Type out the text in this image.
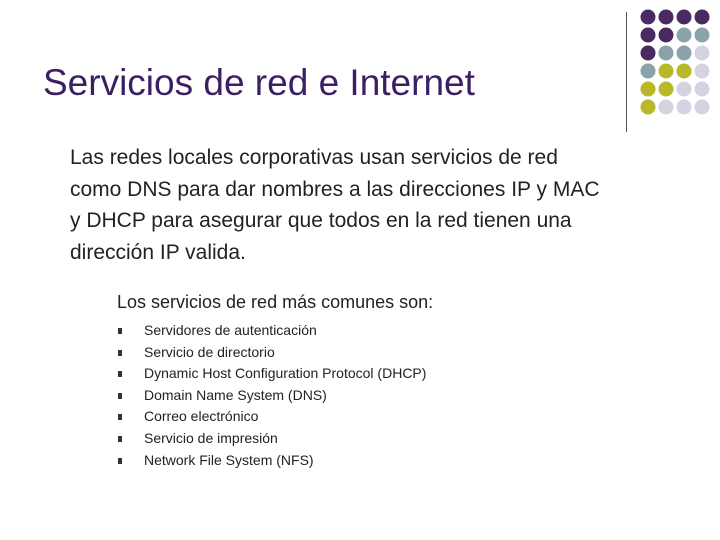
Servicios de red e Internet

Las redes locales corporativas usan servicios de red
como DNS para dar nombres a las direcciones IP y MAC
y DHCP para asegurar que todos en la red tienen una
dirección IP valida.

Los servicios de red más comunes son:

Servidores de autenticación
Servicio de directorio
Dynamic Host Configuration Protocol (DHCP)
Domain Name System (DNS)
Correo electrónico
Servicio de impresión
Network File System (NFS)
